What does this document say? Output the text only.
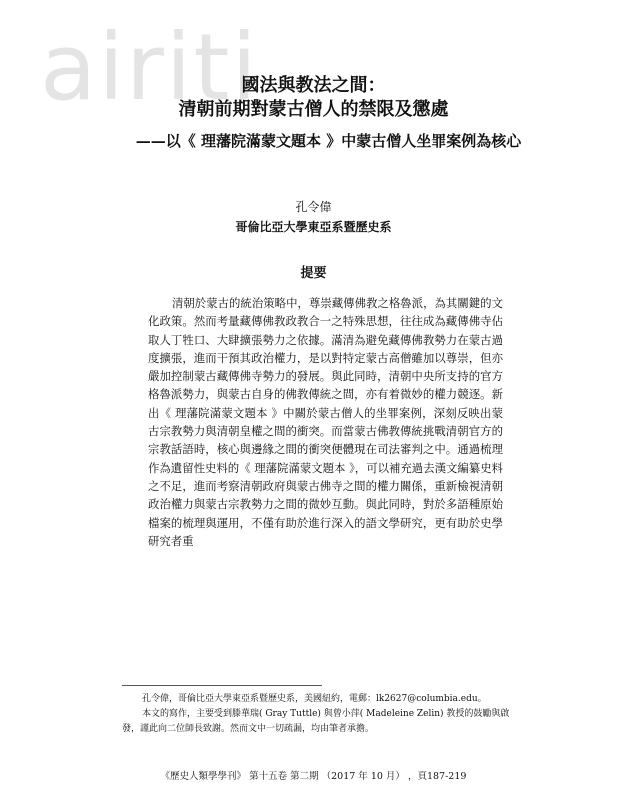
airiti
國法與教法之間：
清朝前期對蒙古僧人的禁限及懲處
——以《 理藩院滿蒙文題本 》中蒙古僧人坐罪案例為核心
孔令偉
哥倫比亞大學東亞系暨歷史系
提要

清朝於蒙古的統治策略中，尊崇藏傳佛教之格魯派，為其關鍵的文化政策。然而考量藏傳佛教政教合一之特殊思想，往往成為藏傳佛寺佔取人丁牲口、大肆擴張勢力之依據。滿清為避免藏傳佛教勢力在蒙古過度擴張，進而干預其政治權力，是以對特定蒙古高僧雖加以尊崇，但亦嚴加控制蒙古藏傳佛寺勢力的發展。與此同時，清朝中央所支持的官方格魯派勢力，與蒙古自身的佛教傳統之間，亦有着微妙的權力競逐。新出《 理藩院滿蒙文題本 》中關於蒙古僧人的坐罪案例，深刻反映出蒙古宗教勢力與清朝皇權之間的衝突。而當蒙古佛教傳統挑戰清朝官方的宗教話語時，核心與邊緣之間的衝突便體現在司法審判之中。通過梳理作為遺留性史料的《 理藩院滿蒙文題本 》，可以補充過去漢文編纂史料之不足，進而考察清朝政府與蒙古佛寺之間的權力關係，重新檢視清朝政治權力與蒙古宗教勢力之間的微妙互動。與此同時，對於多語種原始檔案的梳理與運用，不僅有助於進行深入的語文學研究，更有助於史學研究者重

孔令偉，哥倫比亞大學東亞系暨歷史系，美國紐約，電郵：lk2627@columbia.edu。

本文的寫作，主要受到滕華瑞( Gray Tuttle) 與曾小萍( Madeleine Zelin) 教授的鼓勵與啟發，謹此向二位師長致謝。然而文中一切疏漏，均由筆者承擔。

《歷史人類學學刊》 第十五卷 第二期 （2017 年 10 月） ，頁187-219
